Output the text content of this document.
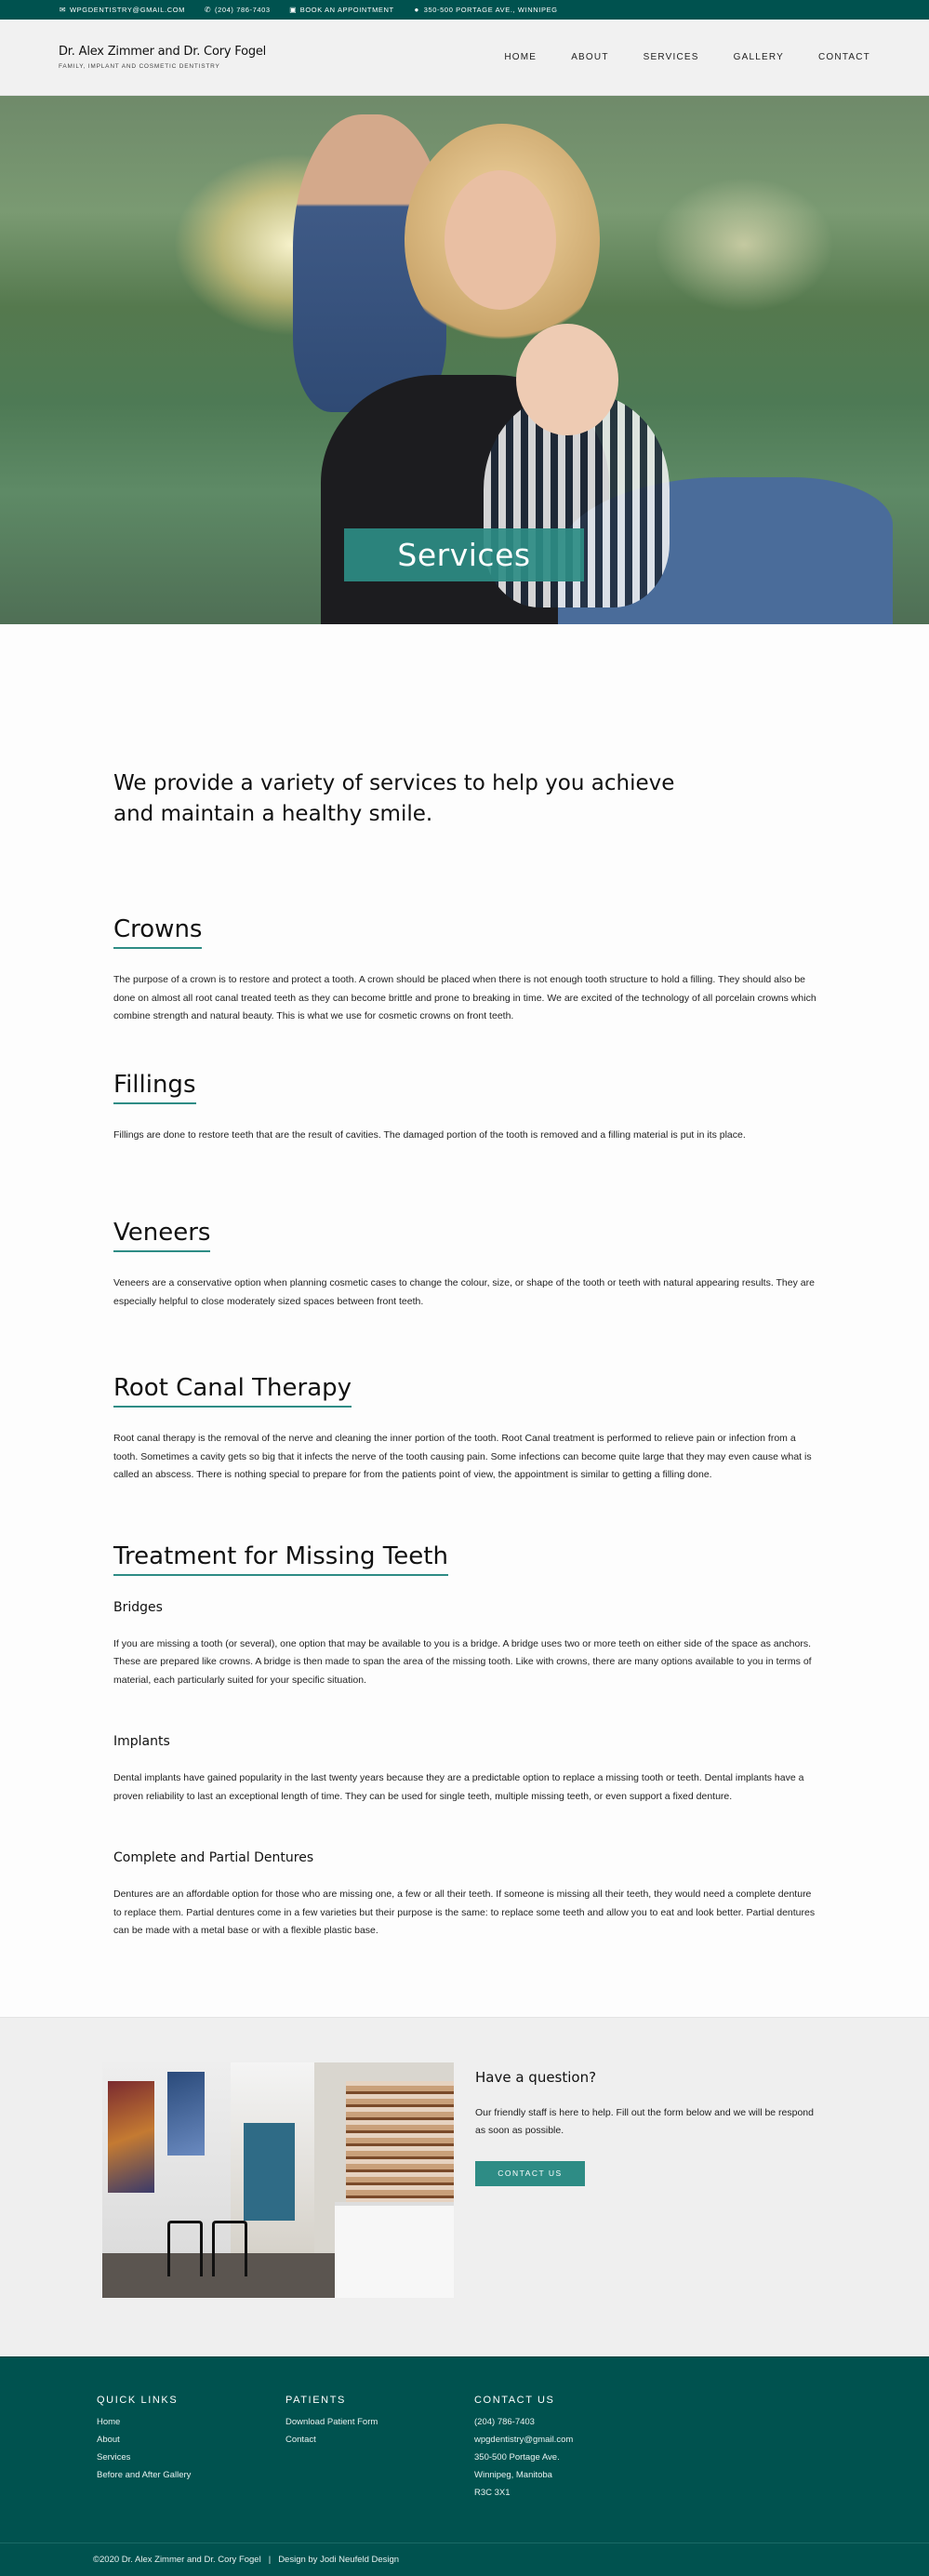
✉ WPGDENTISTRY@GMAIL.COM	✆ (204) 786-7403	▣ BOOK AN APPOINTMENT	● 350-500 PORTAGE AVE., WINNIPEG
Dr. Alex Zimmer and Dr. Cory Fogel
FAMILY, IMPLANT AND COSMETIC DENTISTRY
HOME	ABOUT	SERVICES	GALLERY	CONTACT
Services
We provide a variety of services to help you achieve and maintain a healthy smile.
Crowns

The purpose of a crown is to restore and protect a tooth. A crown should be placed when there is not enough tooth structure to hold a filling. They should also be done on almost all root canal treated teeth as they can become brittle and prone to breaking in time. We are excited of the technology of all porcelain crowns which combine strength and natural beauty. This is what we use for cosmetic crowns on front teeth.

Fillings

Fillings are done to restore teeth that are the result of cavities. The damaged portion of the tooth is removed and a filling material is put in its place.

Veneers

Veneers are a conservative option when planning cosmetic cases to change the colour, size, or shape of the tooth or teeth with natural appearing results. They are especially helpful to close moderately sized spaces between front teeth.

Root Canal Therapy

Root canal therapy is the removal of the nerve and cleaning the inner portion of the tooth. Root Canal treatment is performed to relieve pain or infection from a tooth. Sometimes a cavity gets so big that it infects the nerve of the tooth causing pain. Some infections can become quite large that they may even cause what is called an abscess. There is nothing special to prepare for from the patients point of view, the appointment is similar to getting a filling done.

Treatment for Missing Teeth
Bridges

If you are missing a tooth (or several), one option that may be available to you is a bridge. A bridge uses two or more teeth on either side of the space as anchors. These are prepared like crowns. A bridge is then made to span the area of the missing tooth. Like with crowns, there are many options available to you in terms of material, each particularly suited for your specific situation.

Implants

Dental implants have gained popularity in the last twenty years because they are a predictable option to replace a missing tooth or teeth. Dental implants have a proven reliability to last an exceptional length of time. They can be used for single teeth, multiple missing teeth, or even support a fixed denture.

Complete and Partial Dentures

Dentures are an affordable option for those who are missing one, a few or all their teeth. If someone is missing all their teeth, they would need a complete denture to replace them. Partial dentures come in a few varieties but their purpose is the same: to replace some teeth and allow you to eat and look better. Partial dentures can be made with a metal base or with a flexible plastic base.

Have a question?

Our friendly staff is here to help. Fill out the form below and we will be respond as soon as possible.

CONTACT US
QUICK LINKS
Home
About
Services
Before and After Gallery
PATIENTS
Download Patient Form
Contact
CONTACT US
(204) 786-7403
wpgdentistry@gmail.com
350-500 Portage Ave.
Winnipeg, Manitoba
R3C 3X1
©2020 Dr. Alex Zimmer and Dr. Cory Fogel | Design by Jodi Neufeld Design
